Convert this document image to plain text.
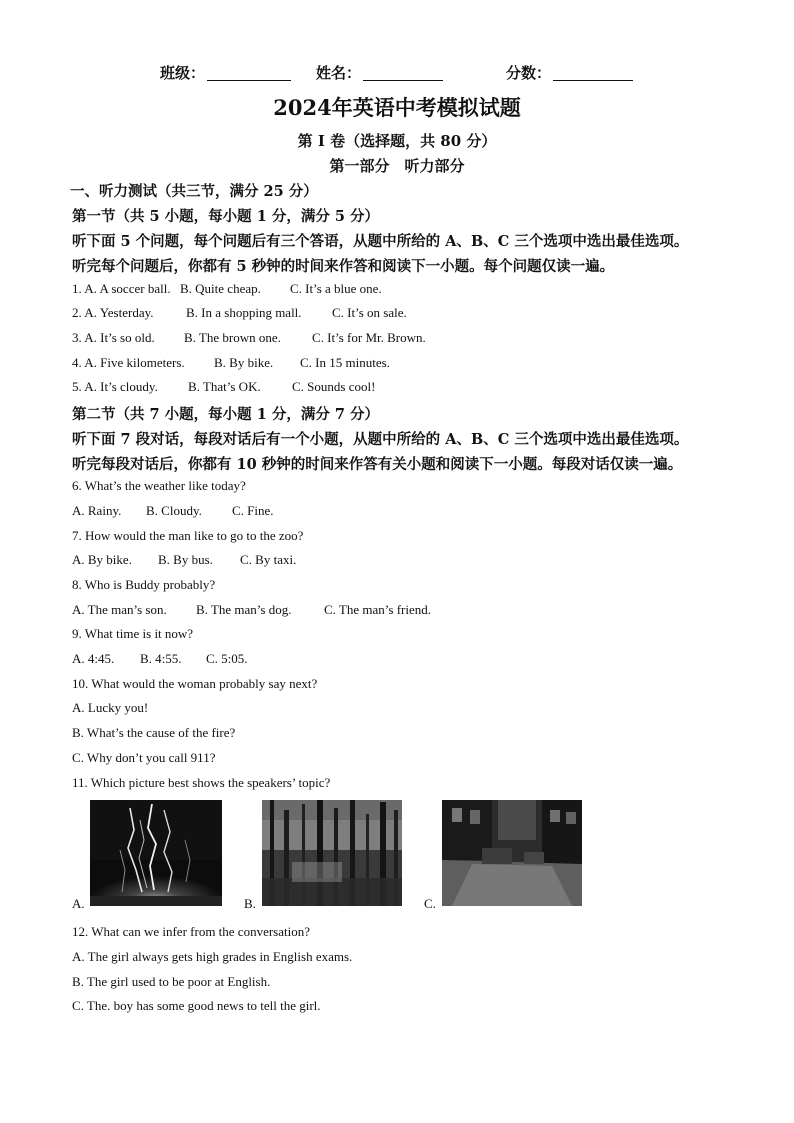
班级：	姓名：	分数：
2024年英语中考模拟试题
第 I 卷（选择题，共 80 分）
第一部分　听力部分
一、听力测试（共三节，满分 25 分）
第一节（共 5 小题，每小题 1 分，满分 5 分）
听下面 5 个问题，每个问题后有三个答语，从题中所给的 A、B、C 三个选项中选出最佳选项。
听完每个问题后，你都有 5 秒钟的时间来作答和阅读下一小题。每个问题仅读一遍。
1. A. A soccer ball. B. Quite cheap. C. It’s a blue one.
2. A. Yesterday.	B. In a shopping mall. C. It’s on sale.
3. A. It’s so old. B. The brown one. C. It’s for Mr. Brown.
4. A. Five kilometers. B. By bike. C. In 15 minutes.
5. A. It’s cloudy. B. That’s OK. C. Sounds cool!
第二节（共 7 小题，每小题 1 分，满分 7 分）
听下面 7 段对话，每段对话后有一个小题，从题中所给的 A、B、C 三个选项中选出最佳选项。
听完每段对话后，你都有 10 秒钟的时间来作答有关小题和阅读下一小题。每段对话仅读一遍。
6. What’s the weather like today?
A. Rainy. B. Cloudy. C. Fine.
7. How would the man like to go to the zoo?
A. By bike. B. By bus. C. By taxi.
8. Who is Buddy probably?
A. The man’s son. B. The man’s dog.	C. The man’s friend.
9. What time is it now?
A. 4:45. B. 4:55. C. 5:05.
10. What would the woman probably say next?
A. Lucky you!
B. What’s the cause of the fire?
C. Why don’t you call 911?
11. Which picture best shows the speakers’ topic?
A.	B.	C.
12. What can we infer from the conversation?
A. The girl always gets high grades in English exams.
B. The girl used to be poor at English.
C. The. boy has some good news to tell the girl.
